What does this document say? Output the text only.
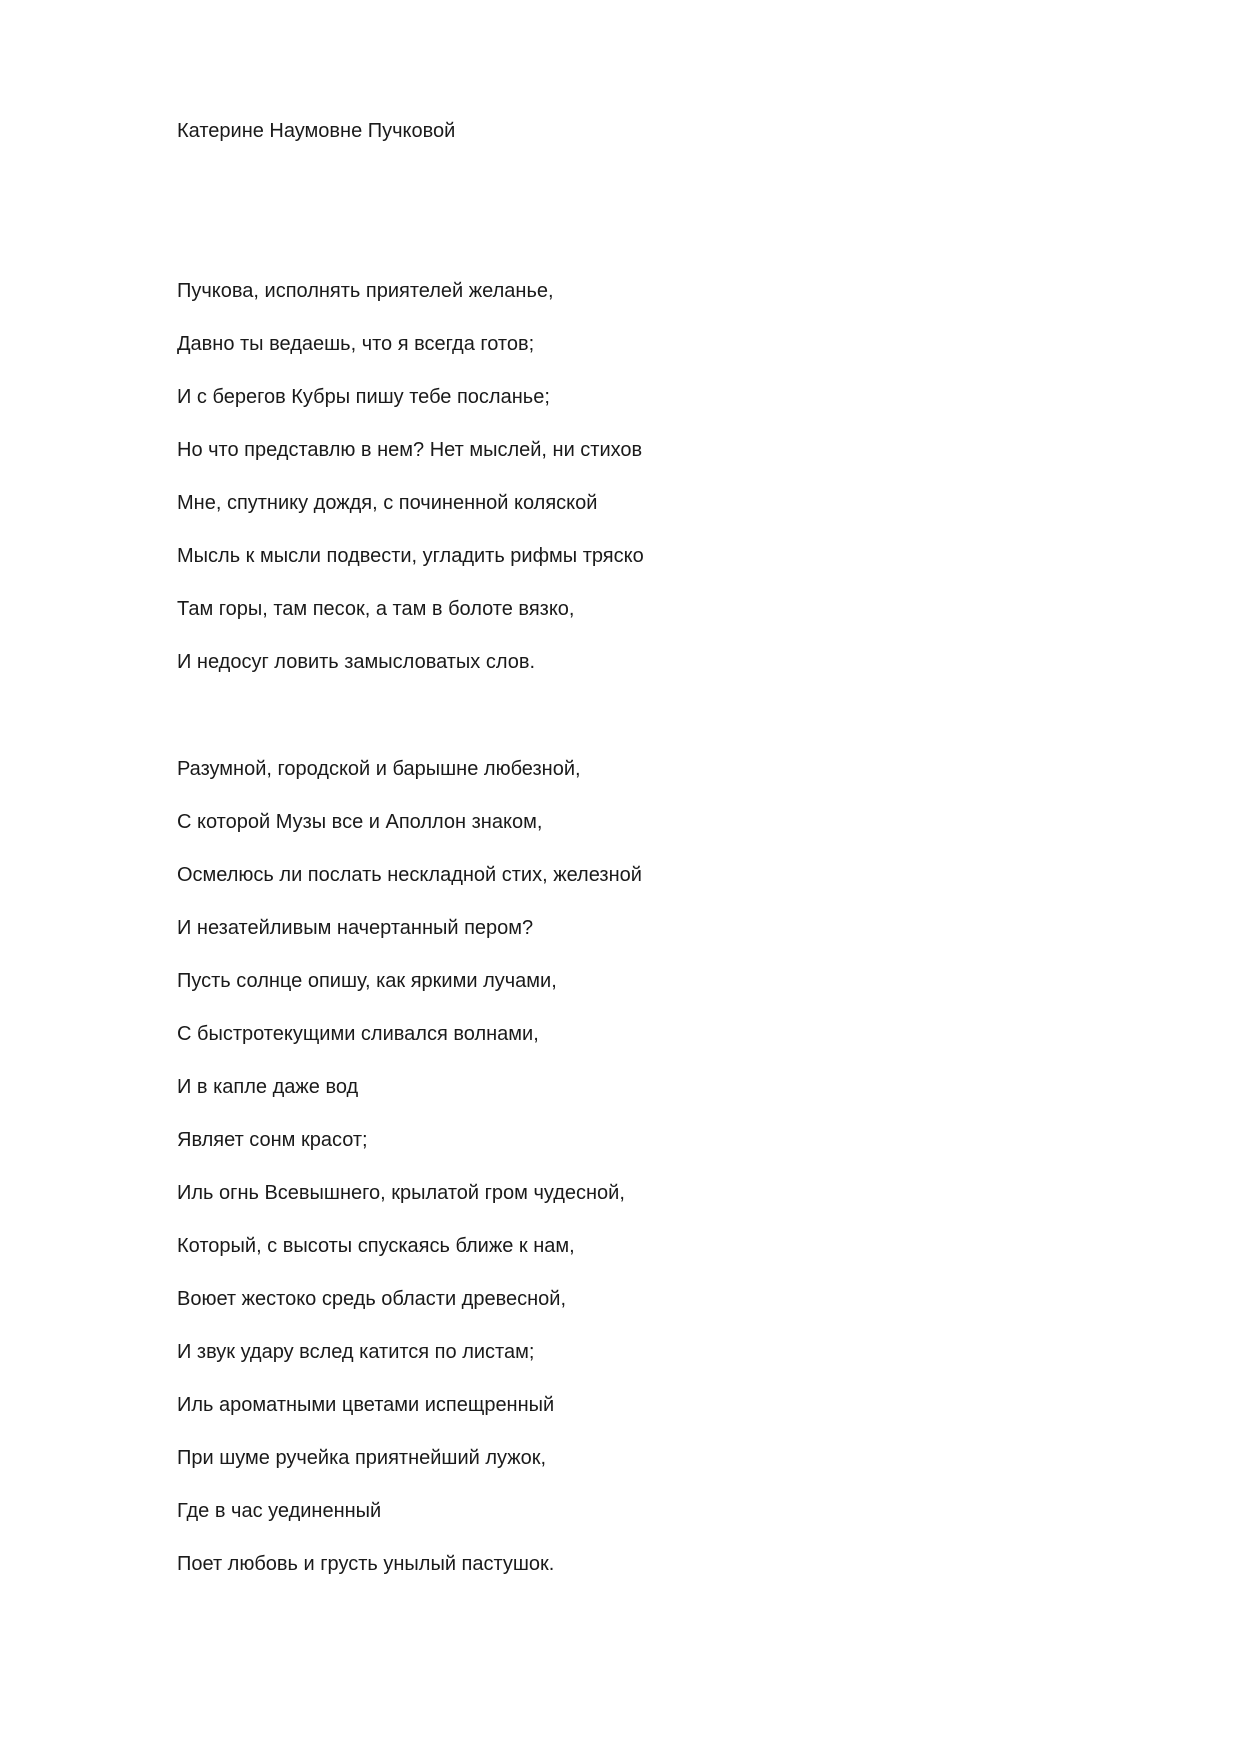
Катерине Наумовне Пучковой
Пучкова, исполнять приятелей желанье,
Давно ты ведаешь, что я всегда готов;
И с берегов Кубры пишу тебе посланье;
Но что представлю в нем? Нет мыслей, ни стихов
Мне, спутнику дождя, с починенной коляской
Мысль к мысли подвести, угладить рифмы тряско
Там горы, там песок, а там в болоте вязко,
И недосуг ловить замысловатых слов.
Разумной, городской и барышне любезной,
С которой Музы все и Аполлон знаком,
Осмелюсь ли послать нескладной стих, железной
И незатейливым начертанный пером?
Пусть солнце опишу, как яркими лучами,
С быстротекущими сливался волнами,
И в капле даже вод
Являет сонм красот;
Иль огнь Всевышнего, крылатой гром чудесной,
Который, с высоты спускаясь ближе к нам,
Воюет жестоко средь области древесной,
И звук удару вслед катится по листам;
Иль ароматными цветами испещренный
При шуме ручейка приятнейший лужок,
Где в час уединенный
Поет любовь и грусть унылый пастушок.
